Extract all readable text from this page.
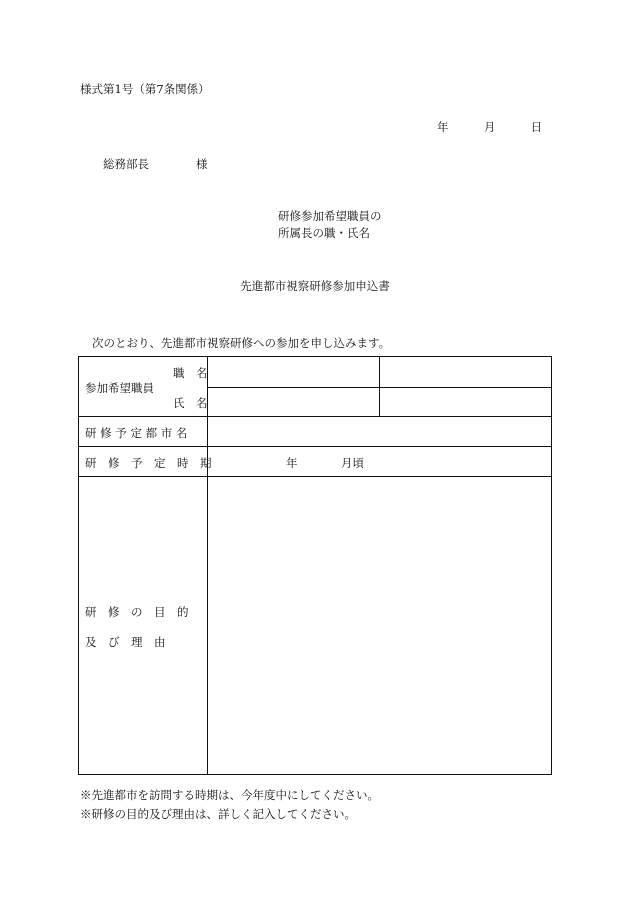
様式第1号（第7条関係）
年	月	日
総務部長	様
研修参加希望職員の
所属長の職・氏名
先進都市視察研修参加申込書
次のとおり、先進都市視察研修への参加を申し込みます。
参加希望職員
職　名
氏　名
研 修 予 定 都 市 名
研　修　予　定　時　期	年	月頃
研　修　の　目　的
及　び　理　由
※先進都市を訪問する時期は、今年度中にしてください。
※研修の目的及び理由は、詳しく記入してください。
